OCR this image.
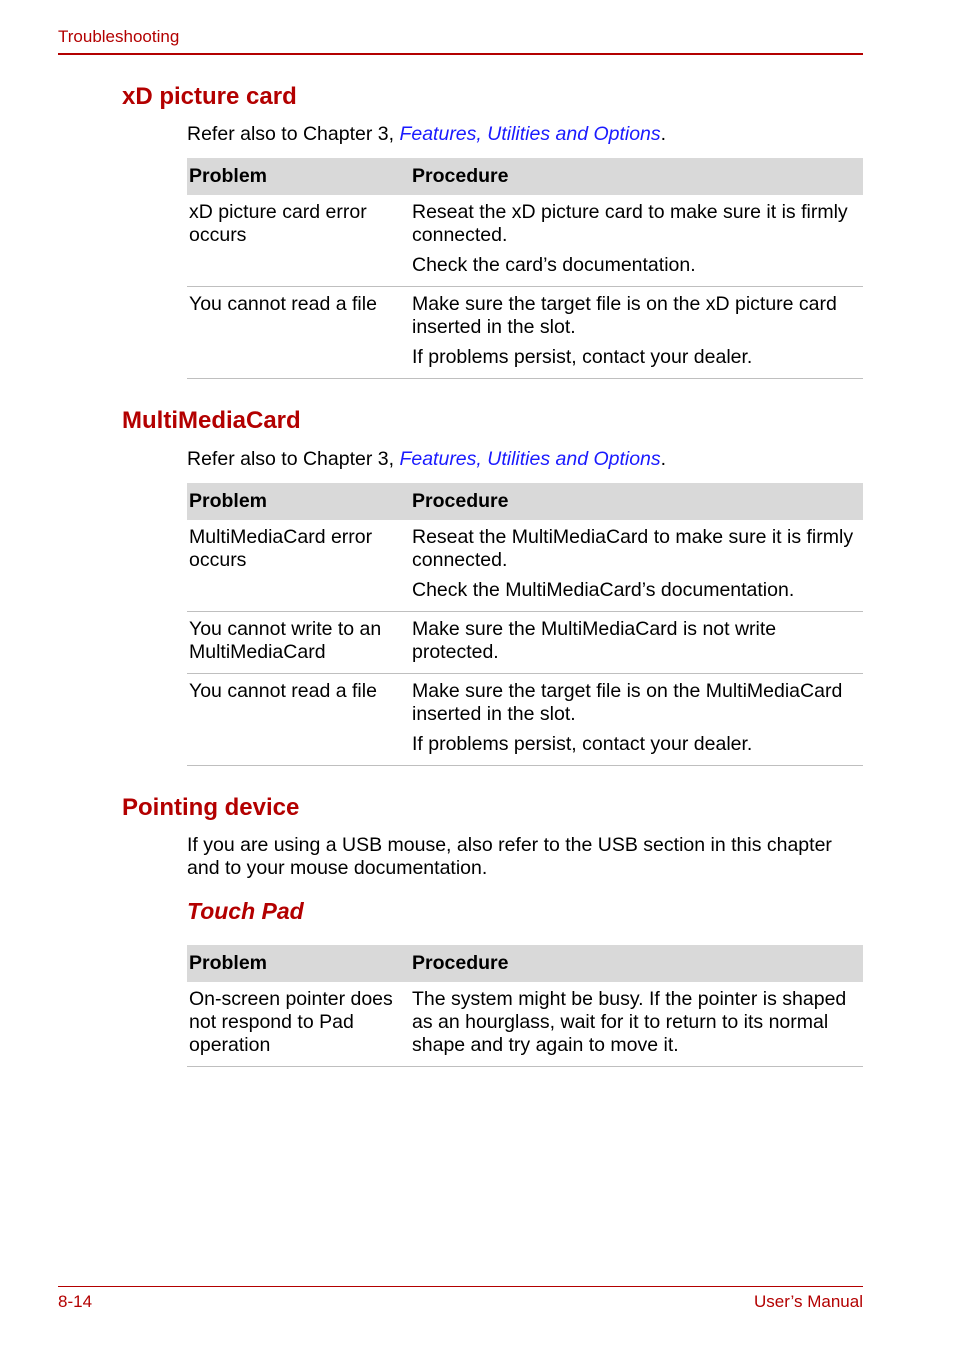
Troubleshooting
xD picture card

Refer also to Chapter 3, Features, Utilities and Options.

Problem	Procedure
xD picture card error occurs	Reseat the xD picture card to make sure it is firmly connected.

Check the card’s documentation.

You cannot read a file	Make sure the target file is on the xD picture card inserted in the slot.

If problems persist, contact your dealer.

MultiMediaCard

Refer also to Chapter 3, Features, Utilities and Options.

Problem	Procedure
MultiMediaCard error occurs	Reseat the MultiMediaCard to make sure it is firmly connected.

Check the MultiMediaCard’s documentation.

You cannot write to an MultiMediaCard	Make sure the MultiMediaCard is not write protected.

You cannot read a file	Make sure the target file is on the MultiMediaCard inserted in the slot.

If problems persist, contact your dealer.

Pointing device

If you are using a USB mouse, also refer to the USB section in this chapter and to your mouse documentation.

Touch Pad
Problem	Procedure
On-screen pointer does not respond to Pad operation	The system might be busy. If the pointer is shaped as an hourglass, wait for it to return to its normal shape and try again to move it.

8-14	User’s Manual
